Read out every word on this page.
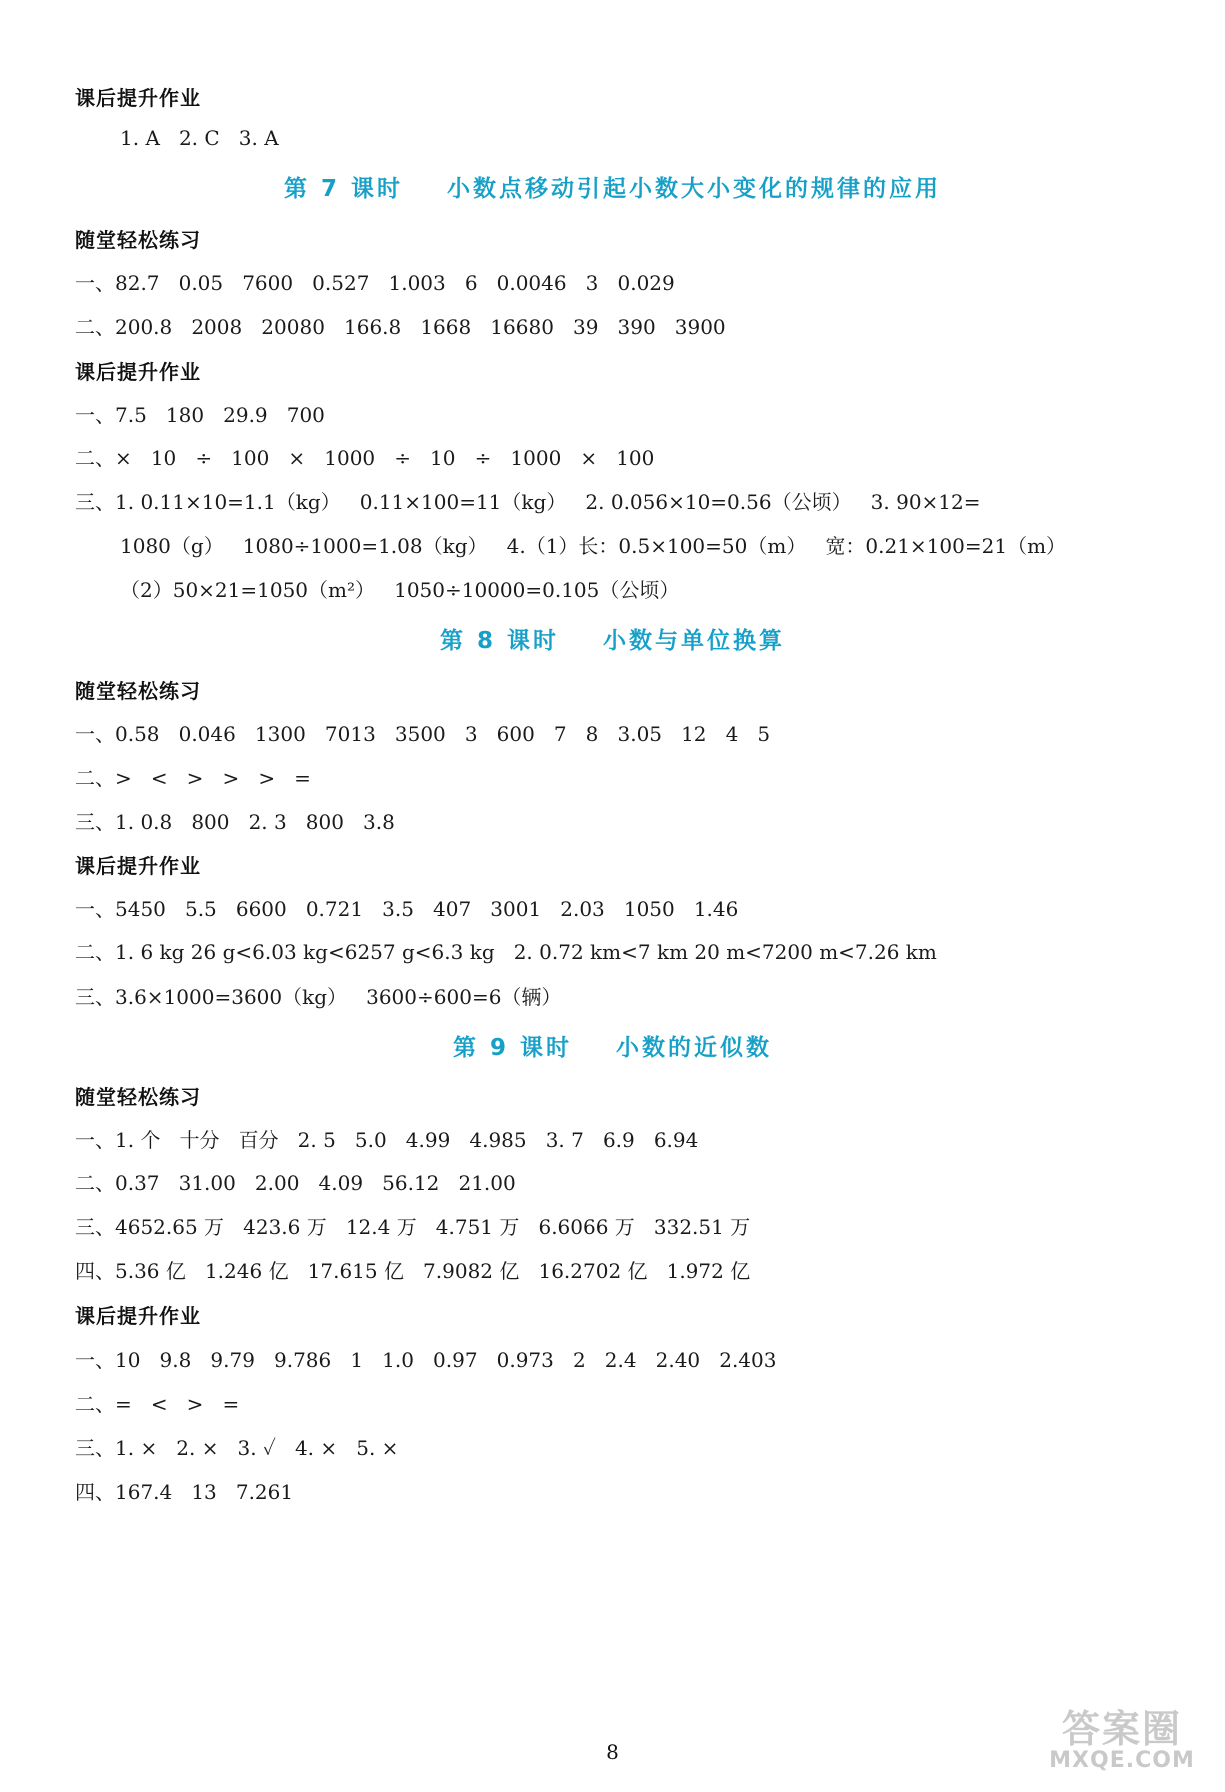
课后提升作业
1. A   2. C   3. A
第 7 课时    小数点移动引起小数大小变化的规律的应用
随堂轻松练习
一、82.7   0.05   7600   0.527   1.003   6   0.0046   3   0.029
二、200.8   2008   20080   166.8   1668   16680   39   390   3900
课后提升作业
一、7.5   180   29.9   700
二、×   10   ÷   100   ×   1000   ÷   10   ÷   1000   ×   100
三、1. 0.11×10=1.1（kg）   0.11×100=11（kg）   2. 0.056×10=0.56（公顷）   3. 90×12=
1080（g）   1080÷1000=1.08（kg）   4.（1）长：0.5×100=50（m）   宽：0.21×100=21（m）
（2）50×21=1050（m²）   1050÷10000=0.105（公顷）
第 8 课时    小数与单位换算
随堂轻松练习
一、0.58   0.046   1300   7013   3500   3   600   7   8   3.05   12   4   5
二、>   <   >   >   >   =
三、1. 0.8   800   2. 3   800   3.8
课后提升作业
一、5450   5.5   6600   0.721   3.5   407   3001   2.03   1050   1.46
二、1. 6 kg 26 g<6.03 kg<6257 g<6.3 kg   2. 0.72 km<7 km 20 m<7200 m<7.26 km
三、3.6×1000=3600（kg）   3600÷600=6（辆）
第 9 课时    小数的近似数
随堂轻松练习
一、1. 个   十分   百分   2. 5   5.0   4.99   4.985   3. 7   6.9   6.94
二、0.37   31.00   2.00   4.09   56.12   21.00
三、4652.65 万   423.6 万   12.4 万   4.751 万   6.6066 万   332.51 万
四、5.36 亿   1.246 亿   17.615 亿   7.9082 亿   16.2702 亿   1.972 亿
课后提升作业
一、10   9.8   9.79   9.786   1   1.0   0.97   0.973   2   2.4   2.40   2.403
二、=   <   >   =
三、1. ×   2. ×   3. ✓   4. ×   5. ×
四、167.4   13   7.261
8
答案圈
MXQE.COM
